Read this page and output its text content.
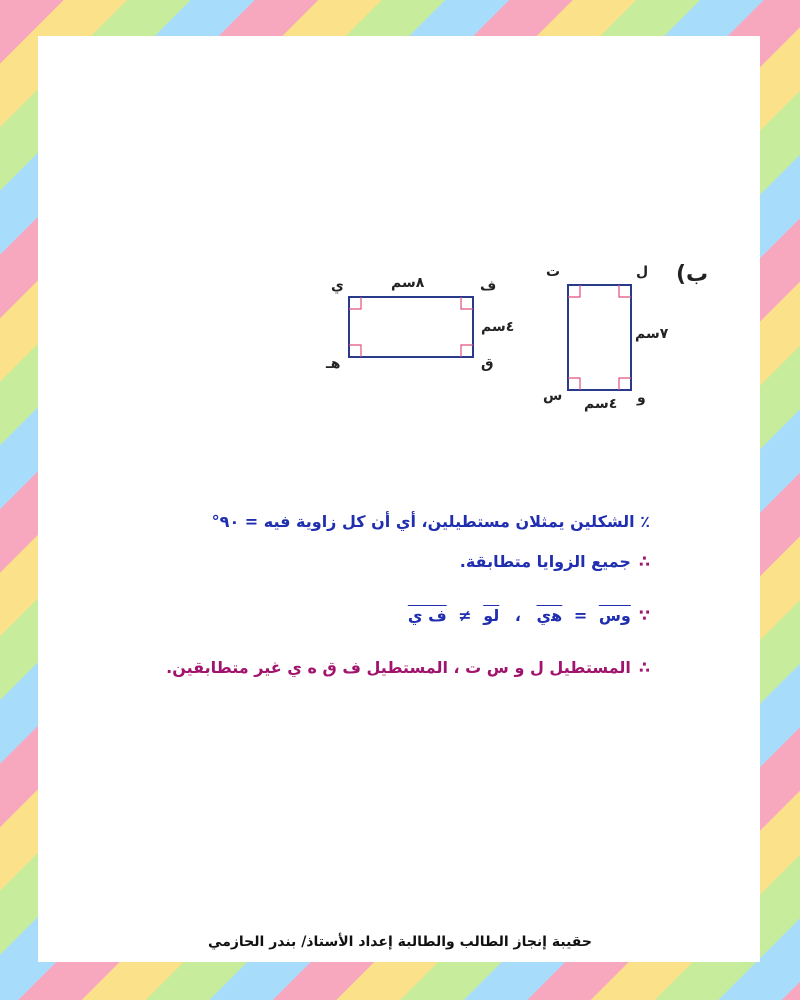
ب)
ي	ف
هـ	ق
٨سم
٤سم
ت	ل
س	و
٧سم
٤سم
٪ الشكلين يمثلان مستطيلين، أي أن كل زاوية فيه = ٩٠°
∴جميع الزوايا متطابقة.
∵وس = ﻫي ، لو ≠ ف ي
∴المستطيل ل و س ت ، المستطيل ف ق ه ي غير متطابقين.
حقيبة إنجاز الطالب والطالبة إعداد الأستاذ/ بندر الحازمي
